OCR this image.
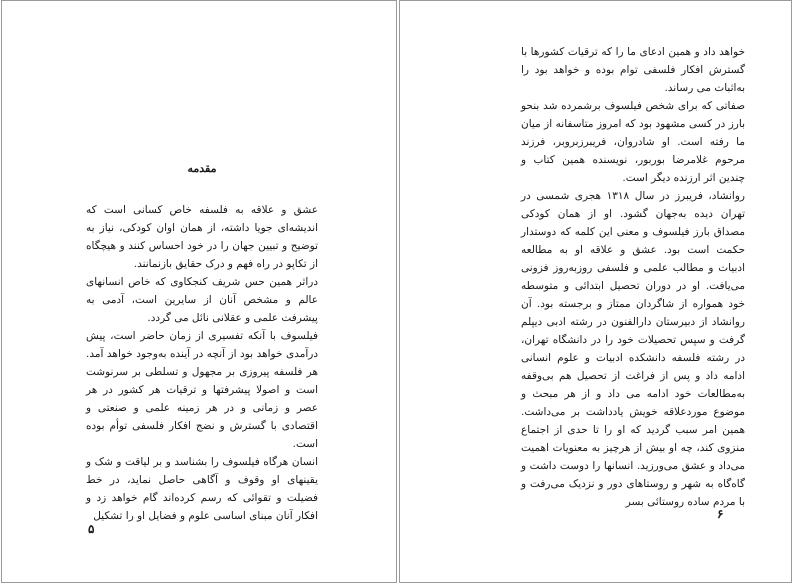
مقدمه

عشق و علاقه به فلسفه خاص کسانی است که اندیشه‌ای جویا داشته، از همان اوان کودکی، نیاز به توضیح و تبیین جهان را در خود احساس کنند و هیچگاه از تکاپو در راه فهم و درک حقایق بازنمانند.

دراثر همین حس شریف کنجکاوی که خاص انسانهای عالم و مشخص آنان از سایرین است، آدمی به پیشرفت علمی و عقلانی نائل می گردد.

فیلسوف با آنکه تفسیری از زمان حاضر است، پیش درآمدی خواهد بود از آنچه در آینده به‌وجود خواهد آمد. هر فلسفه پیروزی بر مجهول و تسلطی بر سرنوشت است و اصولا پیشرفتها و ترقیات هر کشور در هر عصر و زمانی و در هر زمینه علمی و صنعتی و اقتصادی با گسترش و نضج افکار فلسفی توأم بوده است.

انسان هرگاه فیلسوف را بشناسد و بر لیاقت و شک و یقینهای او وقوف و آگاهی حاصل نماید، در خط فضیلت و تقوائی که رسم کرده‌اند گام خواهد زد و افکار آنان مبنای اساسی علوم و فضایل او را تشکیل

۵

خواهد داد و همین ادعای ما را که ترقیات کشورها با گسترش افکار فلسفی توام بوده و خواهد بود را به‌اثبات می رساند.

صفاتی که برای شخص فیلسوف برشمرده شد بنحو بارز در کسی مشهود بود که امروز متاسفانه از میان ما رفته است. او شادروان، فریبرزبروبر، فرزند مرحوم غلامرضا بوربور، نویسنده همین کتاب و چندین اثر ارزنده دیگر است.

روانشاد، فریبرز در سال ۱۳۱۸ هجری شمسی در تهران دیده به‌جهان گشود. او از همان کودکی مصداق بارز فیلسوف و معنی این کلمه که دوستدار حکمت است بود. عشق و علاقه او به مطالعه ادبیات و مطالب علمی و فلسفی روزبه‌روز فزونی می‌یافت. او در دوران تحصیل ابتدائی و متوسطه خود همواره از شاگردان ممتاز و برجسته بود. آن روانشاد از دبیرستان دارالفنون در رشته ادبی دیپلم گرفت و سپس تحصیلات خود را در دانشگاه تهران، در رشته فلسفه دانشکده ادبیات و علوم انسانی ادامه داد و پس از فراغت از تحصیل هم بی‌وقفه به‌مطالعات خود ادامه می داد و از هر مبحث و موضوع موردعلاقه خویش یادداشت بر می‌داشت. همین امر سبب گردید که او را تا حدی از اجتماع منزوی کند، چه او بیش از هرچیز به معنویات اهمیت می‌داد و عشق می‌ورزید. انسانها را دوست داشت و گاه‌گاه به شهر و روستاهای دور و نزدیک می‌رفت و با مردم ساده روستائی بسر

۶
